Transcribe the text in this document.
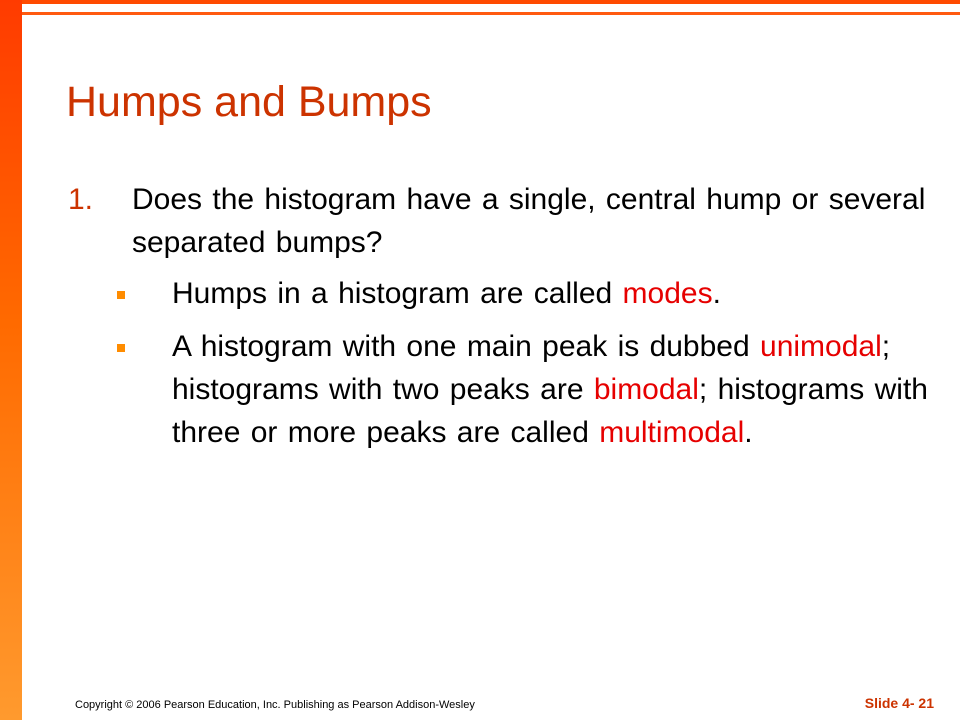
Humps and Bumps
1. Does the histogram have a single, central hump or several separated bumps?
Humps in a histogram are called modes.
A histogram with one main peak is dubbed unimodal; histograms with two peaks are bimodal; histograms with three or more peaks are called multimodal.
Copyright © 2006 Pearson Education, Inc. Publishing as Pearson Addison-Wesley	Slide 4- 21
